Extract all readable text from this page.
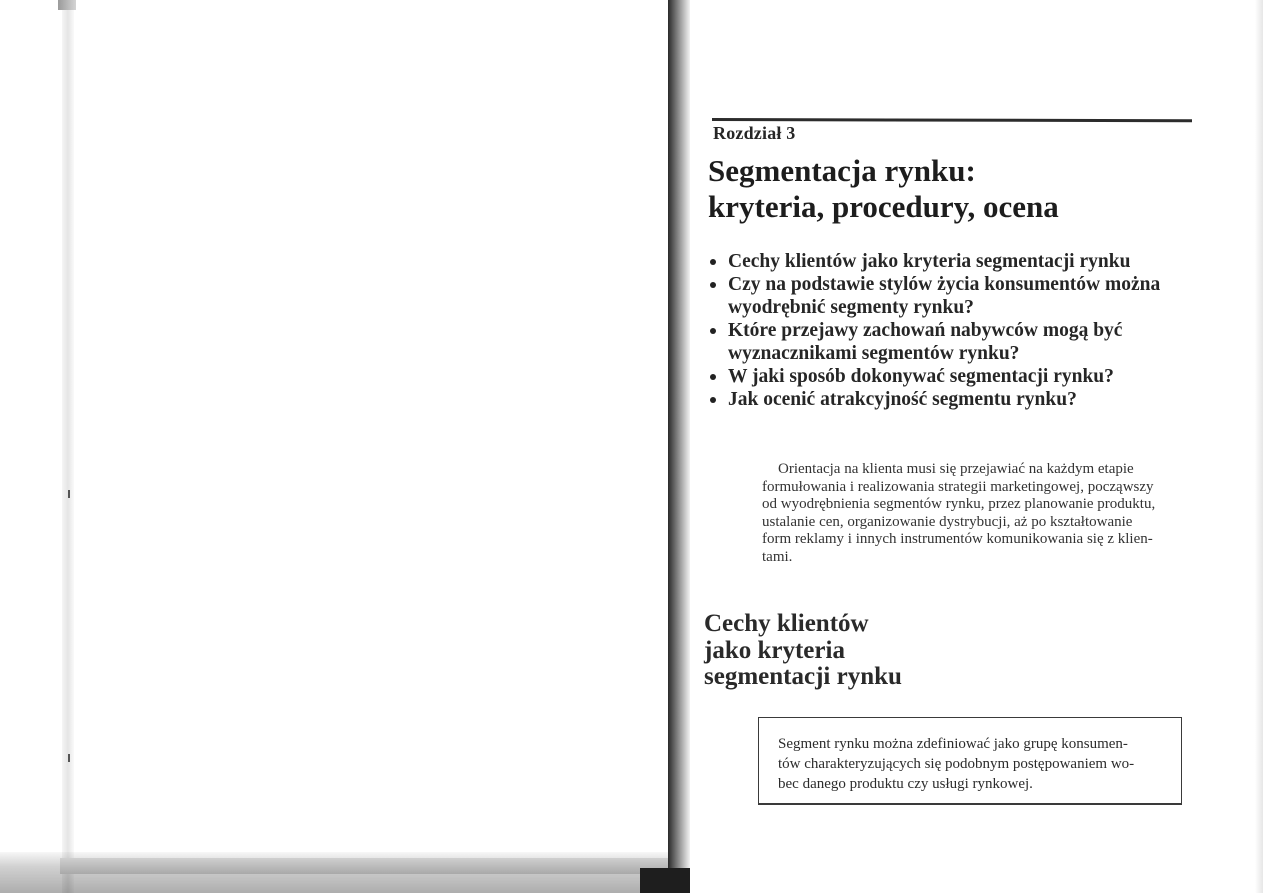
Rozdział 3
Segmentacja rynku:
kryteria, procedury, ocena
Cechy klientów jako kryteria segmentacji rynku
Czy na podstawie stylów życia konsumentów można
wyodrębnić segmenty rynku?
Które przejawy zachowań nabywców mogą być
wyznacznikami segmentów rynku?
W jaki sposób dokonywać segmentacji rynku?
Jak ocenić atrakcyjność segmentu rynku?
Orientacja na klienta musi się przejawiać na każdym etapie
formułowania i realizowania strategii marketingowej, począwszy
od wyodrębnienia segmentów rynku, przez planowanie produktu,
ustalanie cen, organizowanie dystrybucji, aż po kształtowanie
form reklamy i innych instrumentów komunikowania się z klien-
tami.
Cechy klientów
jako kryteria
segmentacji rynku
Segment rynku można zdefiniować jako grupę konsumen-
tów charakteryzujących się podobnym postępowaniem wo-
bec danego produktu czy usługi rynkowej.
